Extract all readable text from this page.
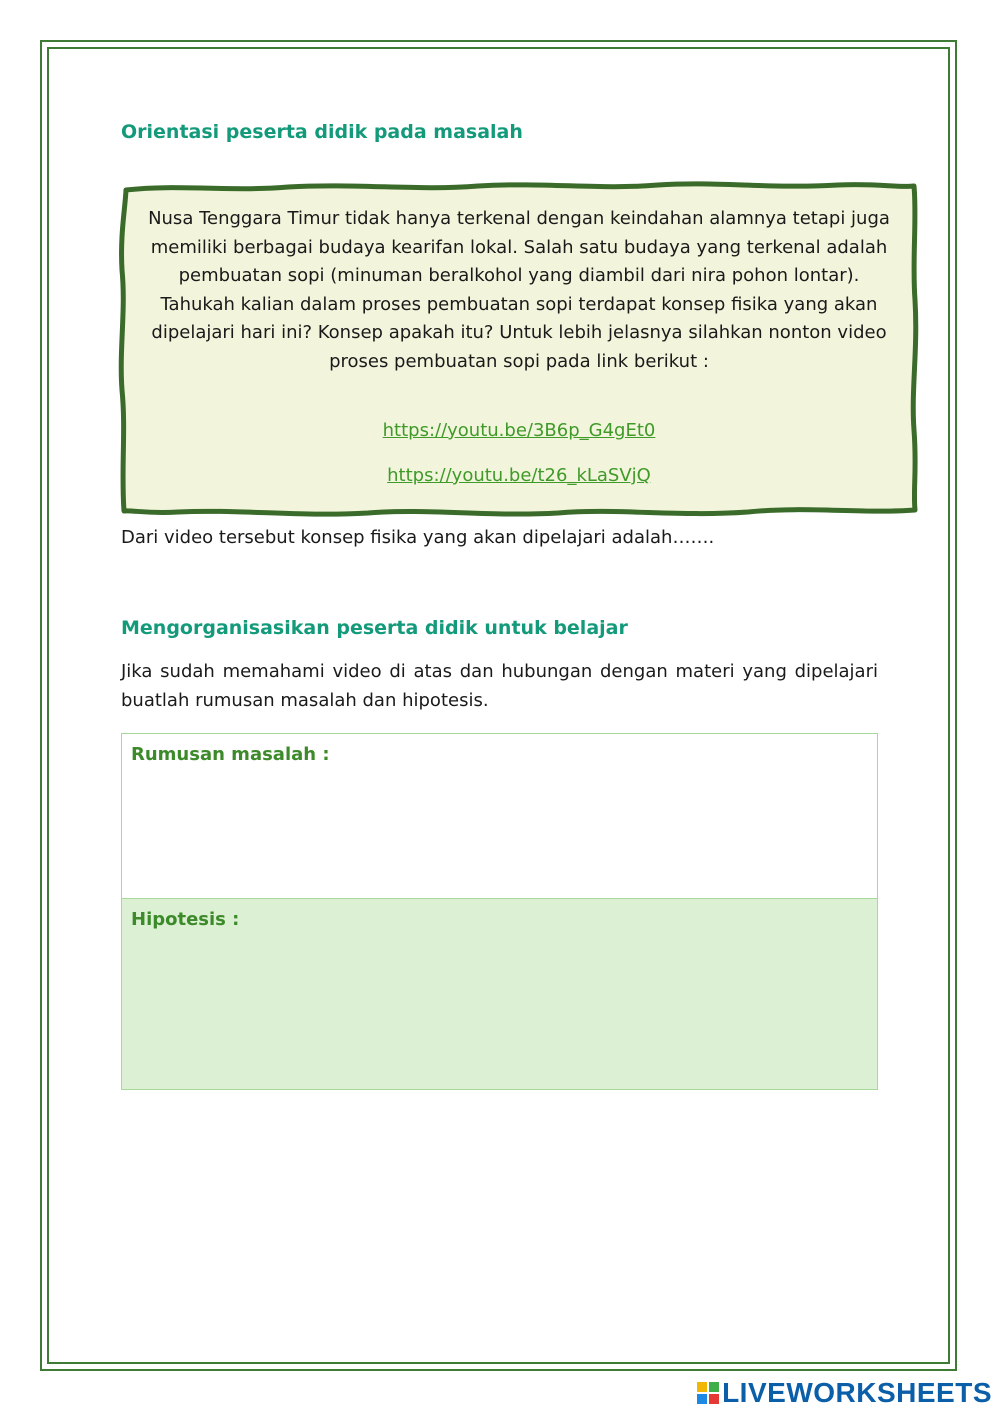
Orientasi peserta didik pada masalah
Nusa Tenggara Timur tidak hanya terkenal dengan keindahan alamnya tetapi juga memiliki berbagai budaya kearifan lokal. Salah satu budaya yang terkenal adalah pembuatan sopi (minuman beralkohol yang diambil dari nira pohon lontar). Tahukah kalian dalam proses pembuatan sopi terdapat konsep fisika yang akan dipelajari hari ini? Konsep apakah itu? Untuk lebih jelasnya silahkan nonton video proses pembuatan sopi pada link berikut :
https://youtu.be/3B6p_G4gEt0
https://youtu.be/t26_kLaSVjQ

Dari video tersebut konsep fisika yang akan dipelajari adalah…….

Mengorganisasikan peserta didik untuk belajar

Jika sudah memahami video di atas dan hubungan dengan materi yang dipelajari buatlah rumusan masalah dan hipotesis.

Rumusan masalah :
Hipotesis :
LIVEWORKSHEETS
